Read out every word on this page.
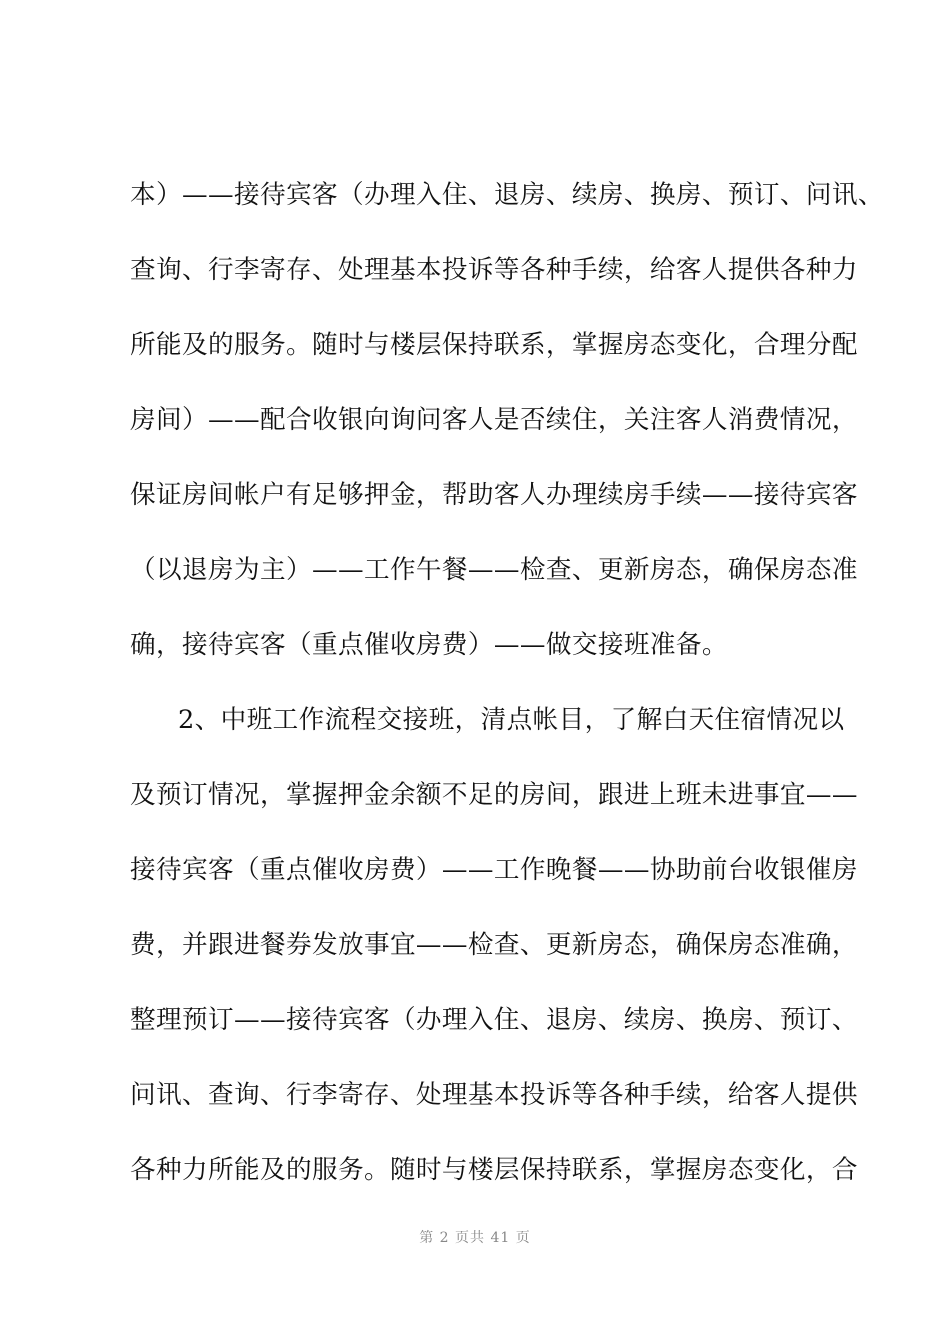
本）——接待宾客（办理入住、退房、续房、换房、预订、问讯、
查询、行李寄存、处理基本投诉等各种手续，给客人提供各种力
所能及的服务。随时与楼层保持联系，掌握房态变化，合理分配
房间）——配合收银向询问客人是否续住，关注客人消费情况，
保证房间帐户有足够押金，帮助客人办理续房手续——接待宾客
（以退房为主）——工作午餐——检查、更新房态，确保房态准
确，接待宾客（重点催收房费）——做交接班准备。
2、中班工作流程交接班，清点帐目，了解白天住宿情况以
及预订情况，掌握押金余额不足的房间，跟进上班未进事宜——
接待宾客（重点催收房费）——工作晚餐——协助前台收银催房
费，并跟进餐券发放事宜——检查、更新房态，确保房态准确，
整理预订——接待宾客（办理入住、退房、续房、换房、预订、
问讯、查询、行李寄存、处理基本投诉等各种手续，给客人提供
各种力所能及的服务。随时与楼层保持联系，掌握房态变化，合
第 2 页共 41 页
